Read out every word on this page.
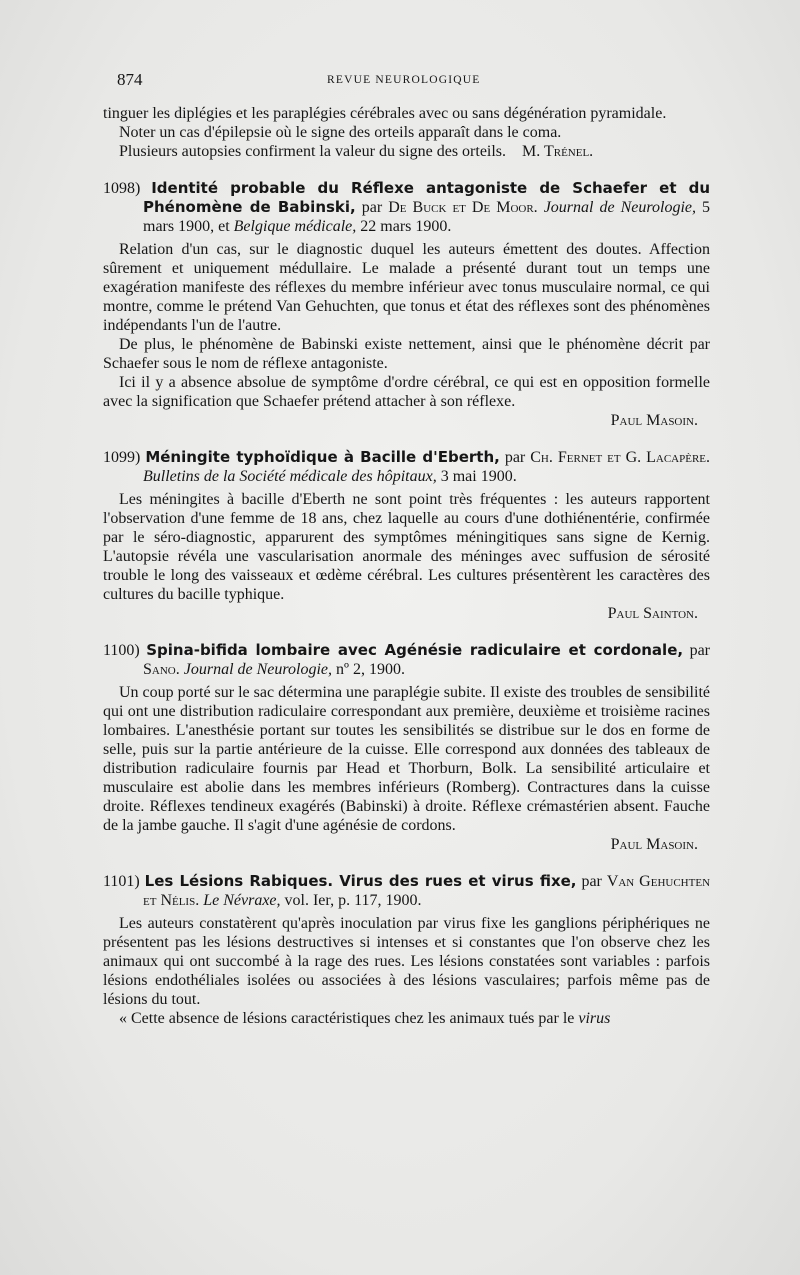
874	REVUE NEUROLOGIQUE

tinguer les diplégies et les paraplégies cérébrales avec ou sans dégénération pyramidale.

Noter un cas d'épilepsie où le signe des orteils apparaît dans le coma.

Plusieurs autopsies confirment la valeur du signe des orteils. M. Trénel.

1098) Identité probable du Réflexe antagoniste de Schaefer et du Phénomène de Babinski, par De Buck et De Moor. Journal de Neurologie, 5 mars 1900, et Belgique médicale, 22 mars 1900.

Relation d'un cas, sur le diagnostic duquel les auteurs émettent des doutes. Affection sûrement et uniquement médullaire. Le malade a présenté durant tout un temps une exagération manifeste des réflexes du membre inférieur avec tonus musculaire normal, ce qui montre, comme le prétend Van Gehuchten, que tonus et état des réflexes sont des phénomènes indépendants l'un de l'autre.

De plus, le phénomène de Babinski existe nettement, ainsi que le phénomène décrit par Schaefer sous le nom de réflexe antagoniste.

Ici il y a absence absolue de symptôme d'ordre cérébral, ce qui est en opposition formelle avec la signification que Schaefer prétend attacher à son réflexe.

Paul Masoin.

1099) Méningite typhoïdique à Bacille d'Eberth, par Ch. Fernet et G. Lacapère. Bulletins de la Société médicale des hôpitaux, 3 mai 1900.

Les méningites à bacille d'Eberth ne sont point très fréquentes : les auteurs rapportent l'observation d'une femme de 18 ans, chez laquelle au cours d'une dothiénentérie, confirmée par le séro-diagnostic, apparurent des symptômes méningitiques sans signe de Kernig. L'autopsie révéla une vascularisation anormale des méninges avec suffusion de sérosité trouble le long des vaisseaux et œdème cérébral. Les cultures présentèrent les caractères des cultures du bacille typhique.

Paul Sainton.

1100) Spina-bifida lombaire avec Agénésie radiculaire et cordonale, par Sano. Journal de Neurologie, nº 2, 1900.

Un coup porté sur le sac détermina une paraplégie subite. Il existe des troubles de sensibilité qui ont une distribution radiculaire correspondant aux première, deuxième et troisième racines lombaires. L'anesthésie portant sur toutes les sensibilités se distribue sur le dos en forme de selle, puis sur la partie antérieure de la cuisse. Elle correspond aux données des tableaux de distribution radiculaire fournis par Head et Thorburn, Bolk. La sensibilité articulaire et musculaire est abolie dans les membres inférieurs (Romberg). Contractures dans la cuisse droite. Réflexes tendineux exagérés (Babinski) à droite. Réflexe crémastérien absent. Fauche de la jambe gauche. Il s'agit d'une agénésie de cordons.

Paul Masoin.

1101) Les Lésions Rabiques. Virus des rues et virus fixe, par Van Gehuchten et Nélis. Le Névraxe, vol. Ier, p. 117, 1900.

Les auteurs constatèrent qu'après inoculation par virus fixe les ganglions périphériques ne présentent pas les lésions destructives si intenses et si constantes que l'on observe chez les animaux qui ont succombé à la rage des rues. Les lésions constatées sont variables : parfois lésions endothéliales isolées ou associées à des lésions vasculaires; parfois même pas de lésions du tout.

« Cette absence de lésions caractéristiques chez les animaux tués par le virus
